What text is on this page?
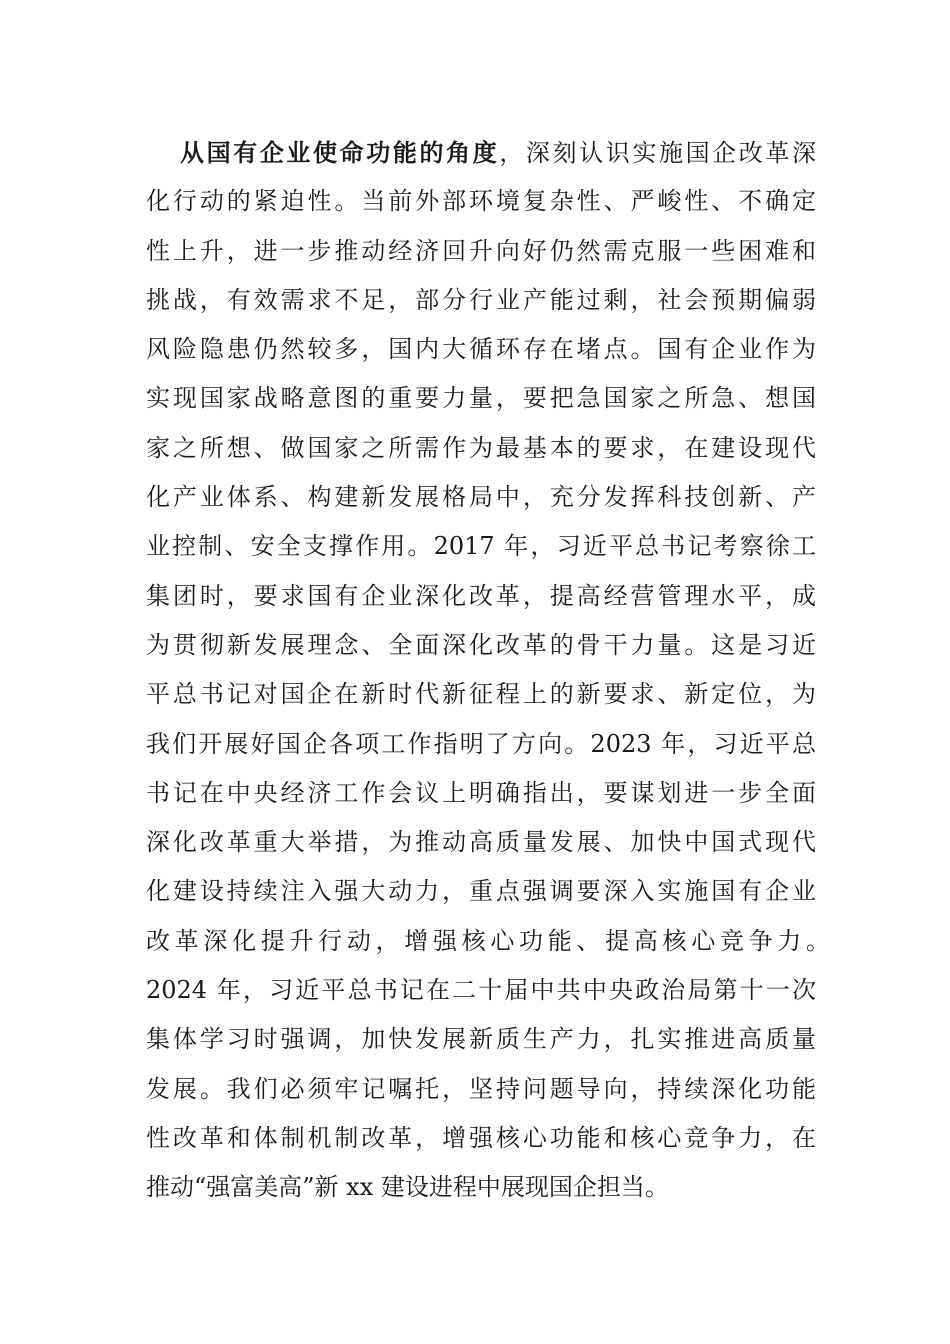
从国有企业使命功能的角度，深刻认识实施国企改革深
化行动的紧迫性。当前外部环境复杂性、严峻性、不确定
性上升，进一步推动经济回升向好仍然需克服一些困难和
挑战，有效需求不足，部分行业产能过剩，社会预期偏弱
风险隐患仍然较多，国内大循环存在堵点。国有企业作为
实现国家战略意图的重要力量，要把急国家之所急、想国
家之所想、做国家之所需作为最基本的要求，在建设现代
化产业体系、构建新发展格局中，充分发挥科技创新、产
业控制、安全支撑作用。2017 年，习近平总书记考察徐工
集团时，要求国有企业深化改革，提高经营管理水平，成
为贯彻新发展理念、全面深化改革的骨干力量。这是习近
平总书记对国企在新时代新征程上的新要求、新定位，为
我们开展好国企各项工作指明了方向。2023 年，习近平总
书记在中央经济工作会议上明确指出，要谋划进一步全面
深化改革重大举措，为推动高质量发展、加快中国式现代
化建设持续注入强大动力，重点强调要深入实施国有企业
改革深化提升行动，增强核心功能、提高核心竞争力。
2024 年，习近平总书记在二十届中共中央政治局第十一次
集体学习时强调，加快发展新质生产力，扎实推进高质量
发展。我们必须牢记嘱托，坚持问题导向，持续深化功能
性改革和体制机制改革，增强核心功能和核心竞争力，在
推动“强富美高”新 xx 建设进程中展现国企担当。
